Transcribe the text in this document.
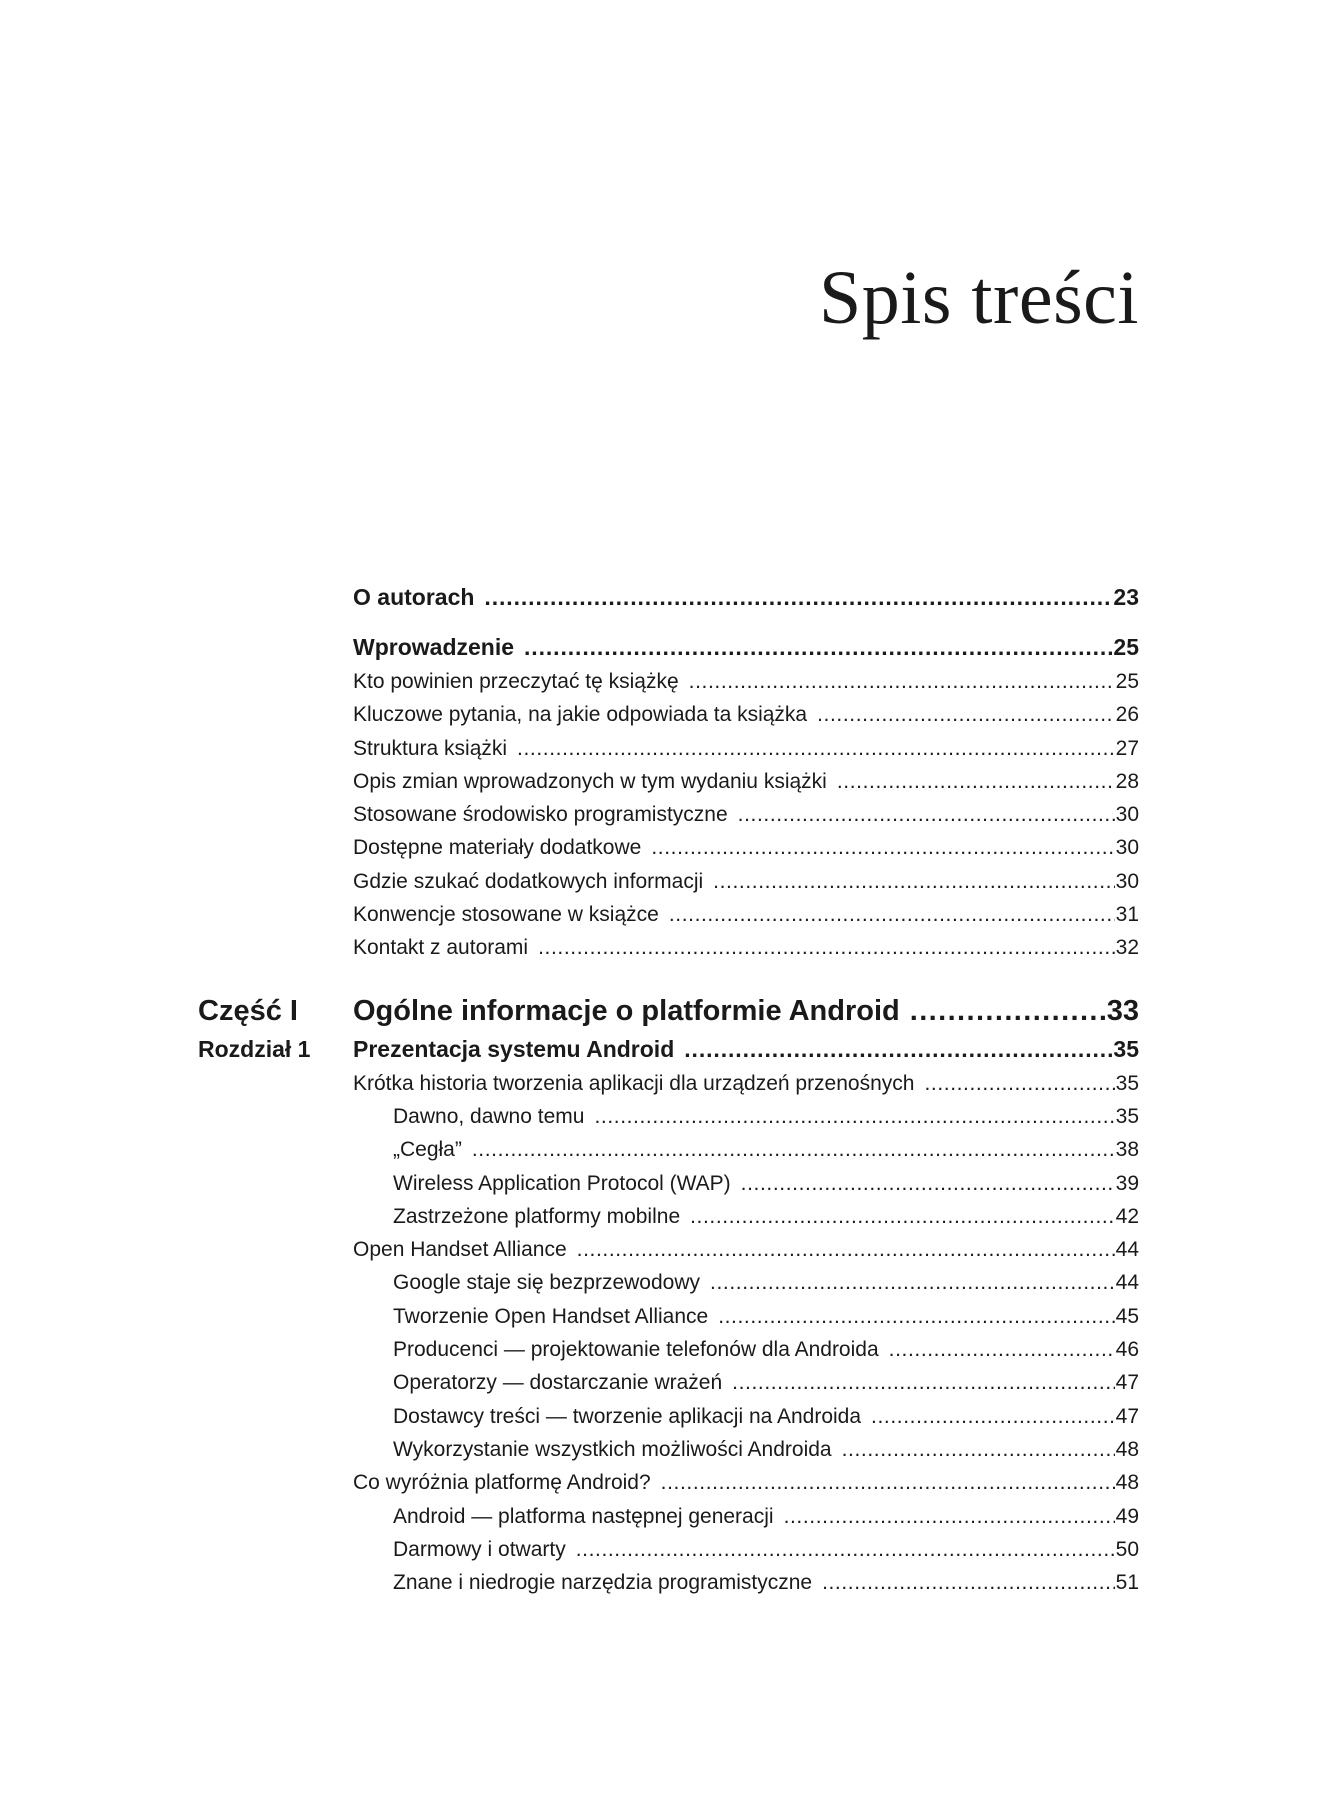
Spis treści
O autorach .....	23
Wprowadzenie .....	25
Kto powinien przeczytać tę książkę .....	25
Kluczowe pytania, na jakie odpowiada ta książka .....	26
Struktura książki .....	27
Opis zmian wprowadzonych w tym wydaniu książki .....	28
Stosowane środowisko programistyczne .....	30
Dostępne materiały dodatkowe .....	30
Gdzie szukać dodatkowych informacji .....	30
Konwencje stosowane w książce .....	31
Kontakt z autorami .....	32
Część I	Ogólne informacje o platformie Android .....	33
Rozdział 1	Prezentacja systemu Android .....	35
Krótka historia tworzenia aplikacji dla urządzeń przenośnych .....	35
Dawno, dawno temu .....	35
„Cegła” .....	38
Wireless Application Protocol (WAP) .....	39
Zastrzeżone platformy mobilne .....	42
Open Handset Alliance .....	44
Google staje się bezprzewodowy .....	44
Tworzenie Open Handset Alliance .....	45
Producenci — projektowanie telefonów dla Androida .....	46
Operatorzy — dostarczanie wrażeń .....	47
Dostawcy treści — tworzenie aplikacji na Androida .....	47
Wykorzystanie wszystkich możliwości Androida .....	48
Co wyróżnia platformę Android? .....	48
Android — platforma następnej generacji .....	49
Darmowy i otwarty .....	50
Znane i niedrogie narzędzia programistyczne .....	51
